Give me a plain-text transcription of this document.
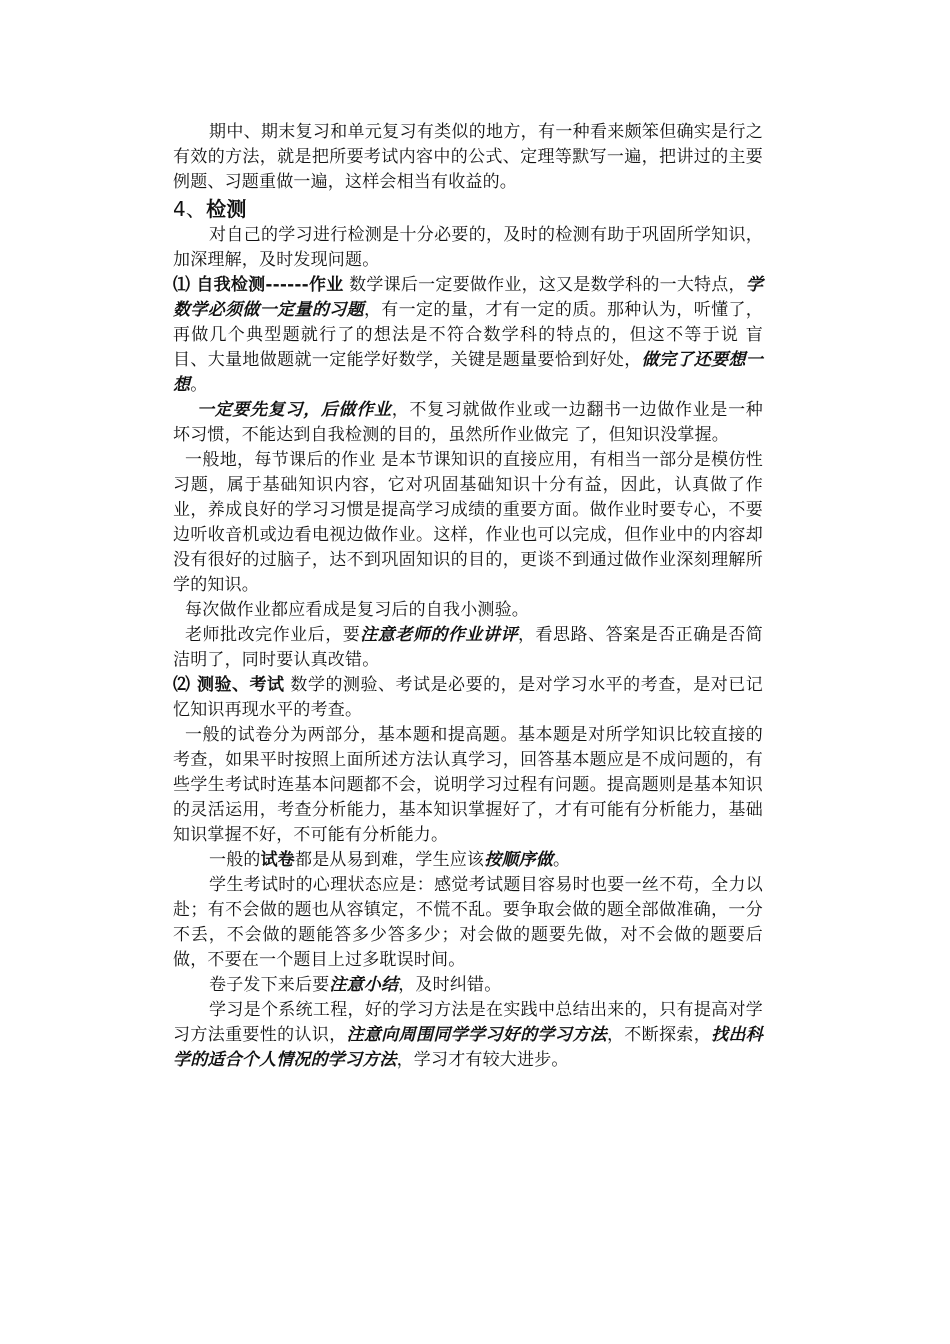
期中、期末复习和单元复习有类似的地方，有一种看来颇笨但确实是行之有效的方法，就是把所要考试内容中的公式、定理等默写一遍，把讲过的主要例题、习题重做一遍，这样会相当有收益的。

4、检测

对自己的学习进行检测是十分必要的，及时的检测有助于巩固所学知识，加深理解，及时发现问题。

⑴ 自我检测------作业 数学课后一定要做作业，这又是数学科的一大特点，学数学必须做一定量的习题，有一定的量，才有一定的质。那种认为，听懂了，再做几个典型题就行了的想法是不符合数学科的特点的，但这不等于说 盲目、大量地做题就一定能学好数学，关键是题量要恰到好处，做完了还要想一想。

一定要先复习，后做作业，不复习就做作业或一边翻书一边做作业是一种坏习惯，不能达到自我检测的目的，虽然所作业做完 了，但知识没掌握。

一般地，每节课后的作业 是本节课知识的直接应用，有相当一部分是模仿性习题，属于基础知识内容，它对巩固基础知识十分有益，因此，认真做了作业，养成良好的学习习惯是提高学习成绩的重要方面。做作业时要专心，不要边听收音机或边看电视边做作业。这样，作业也可以完成，但作业中的内容却没有很好的过脑子，达不到巩固知识的目的，更谈不到通过做作业深刻理解所学的知识。

每次做作业都应看成是复习后的自我小测验。

老师批改完作业后，要注意老师的作业讲评，看思路、答案是否正确是否简洁明了，同时要认真改错。

⑵ 测验、考试 数学的测验、考试是必要的，是对学习水平的考查，是对已记忆知识再现水平的考查。

一般的试卷分为两部分，基本题和提高题。基本题是对所学知识比较直接的考查，如果平时按照上面所述方法认真学习，回答基本题应是不成问题的，有些学生考试时连基本问题都不会，说明学习过程有问题。提高题则是基本知识的灵活运用，考查分析能力，基本知识掌握好了，才有可能有分析能力，基础知识掌握不好，不可能有分析能力。

一般的试卷都是从易到难，学生应该按顺序做。

学生考试时的心理状态应是：感觉考试题目容易时也要一丝不苟，全力以赴；有不会做的题也从容镇定，不慌不乱。要争取会做的题全部做准确，一分不丢，不会做的题能答多少答多少；对会做的题要先做，对不会做的题要后做，不要在一个题目上过多耽误时间。

卷子发下来后要注意小结，及时纠错。

学习是个系统工程，好的学习方法是在实践中总结出来的，只有提高对学习方法重要性的认识，注意向周围同学学习好的学习方法，不断探索，找出科学的适合个人情况的学习方法，学习才有较大进步。
